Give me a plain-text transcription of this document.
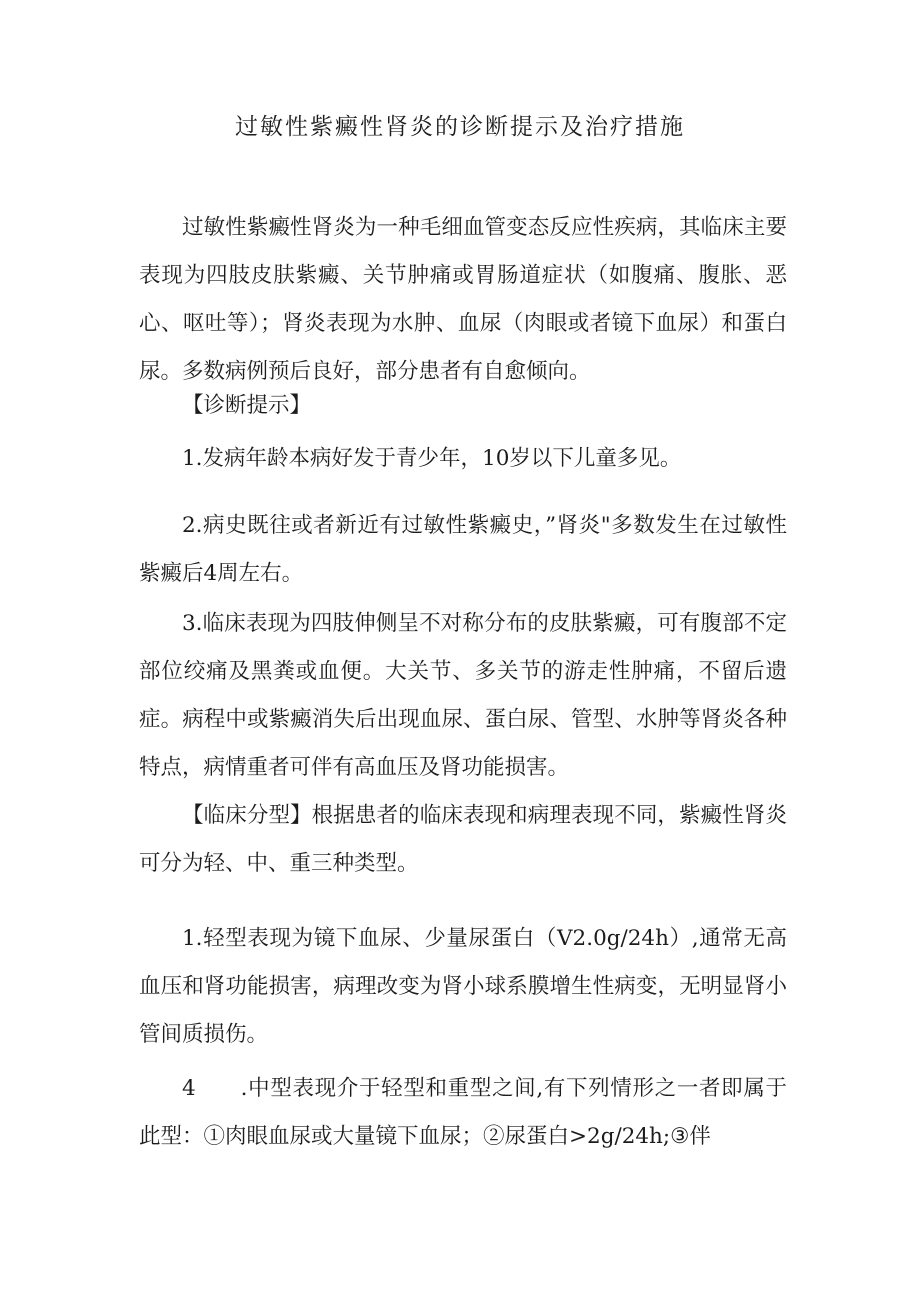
过敏性紫癜性肾炎的诊断提示及治疗措施

过敏性紫癜性肾炎为一种毛细血管变态反应性疾病，其临床主要表现为四肢皮肤紫癜、关节肿痛或胃肠道症状（如腹痛、腹胀、恶心、呕吐等）；肾炎表现为水肿、血尿（肉眼或者镜下血尿）和蛋白尿。多数病例预后良好，部分患者有自愈倾向。

【诊断提示】

1.发病年龄本病好发于青少年，10岁以下儿童多见。

2.病史既往或者新近有过敏性紫癜史，”肾炎"多数发生在过敏性紫癜后4周左右。

3.临床表现为四肢伸侧呈不对称分布的皮肤紫癜，可有腹部不定部位绞痛及黑粪或血便。大关节、多关节的游走性肿痛，不留后遗症。病程中或紫癜消失后出现血尿、蛋白尿、管型、水肿等肾炎各种特点，病情重者可伴有高血压及肾功能损害。

【临床分型】根据患者的临床表现和病理表现不同，紫癜性肾炎可分为轻、中、重三种类型。

1.轻型表现为镜下血尿、少量尿蛋白（V2.0g∕24h）,通常无高血压和肾功能损害，病理改变为肾小球系膜增生性病变，无明显肾小管间质损伤。

4　　.中型表现介于轻型和重型之间,有下列情形之一者即属于此型：①肉眼血尿或大量镜下血尿；②尿蛋白>2g∕24h;③伴
